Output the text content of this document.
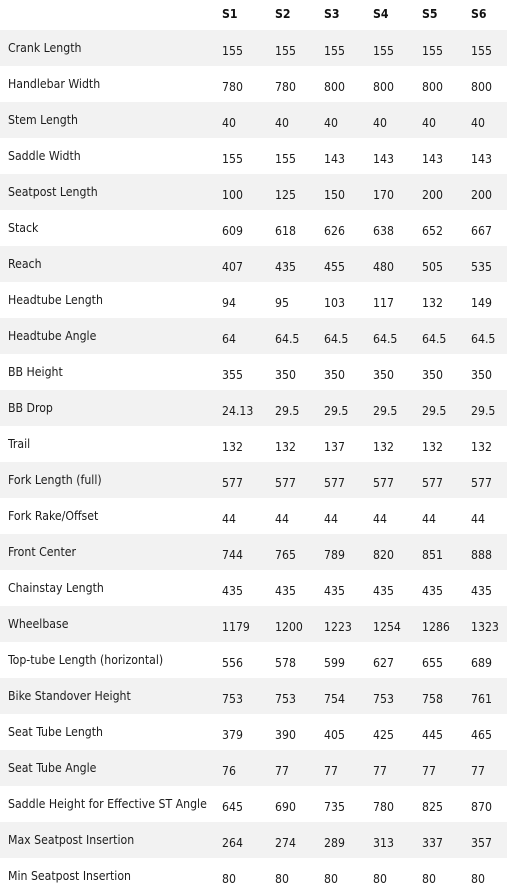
S1	S2	S3	S4	S5	S6
Crank Length	155	155 155 155 155 155
Handlebar Width	780	780 800 800 800 800
Stem Length	40	40	40	40	40	40
Saddle Width	155	155 143 143 143 143
Seatpost Length	100	125 150 170 200 200
Stack	609	618 626 638 652 667
Reach	407	435 455 480 505 535
Headtube Length	94	95	103 117 132 149
Headtube Angle	64	64.5 64.5 64.5 64.5 64.5
BB Height	355	350 350 350 350 350
BB Drop	24.13 29.5 29.5 29.5 29.5 29.5
Trail	132	132 137 132 132 132
Fork Length (full)	577	577 577 577 577 577
Fork Rake/Offset	44	44	44	44	44	44
Front Center	744	765 789 820 851 888
Chainstay Length	435	435 435 435 435 435
Wheelbase	1179 1200 1223 1254 1286 1323
Top-tube Length (horizontal)	556	578 599 627 655 689
Bike Standover Height	753	753 754 753 758 761
Seat Tube Length	379	390 405 425 445 465
Seat Tube Angle	76	77	77	77	77	77
Saddle Height for Effective ST Angle 645	690 735 780 825 870
Max Seatpost Insertion	264	274 289 313 337 357
Min Seatpost Insertion	80	80	80	80	80	80
